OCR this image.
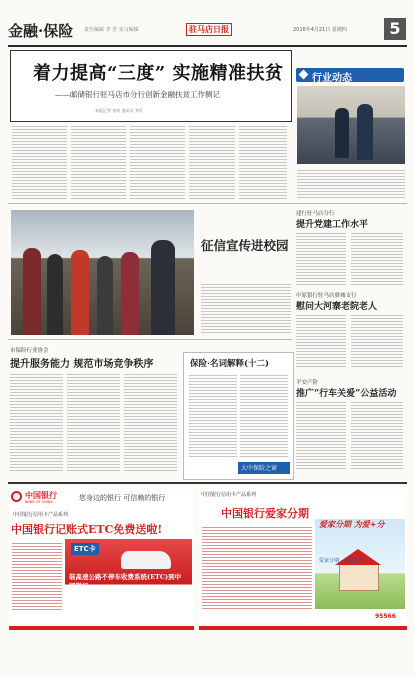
金融·保险 责任编辑 李 芳 实习编辑	驻马店日报	2016年4月21日 星期四	5
着力提高“三度” 实施精准扶贫
——邮储银行驻马店市分行创新金融扶贫工作侧记
本报记者 张明 通讯员 刘军
行业动态
征信宣传进校园
建行驻马店分行
提升党建工作水平
中原银行驻马店驿城支行
慰问大河寨老院老人
平安产险
推广“行车关爱”公益活动
市保险行业协会
提升服务能力 规范市场竞争秩序	保险·名词解释(十二)
大中保险之窗
中国银行
BANK OF CHINA	您身边的银行 可信赖的银行
中国银行信用卡产品系列
中国银行记账式ETC免费送啦!
ETC卡
装高速公路不停车收费系统(ETC)到中国银行
中国银行信用卡产品系列
中国银行爱家分期
爱家分期 为爱+分
爱家分期 · 为爱十分
95566
